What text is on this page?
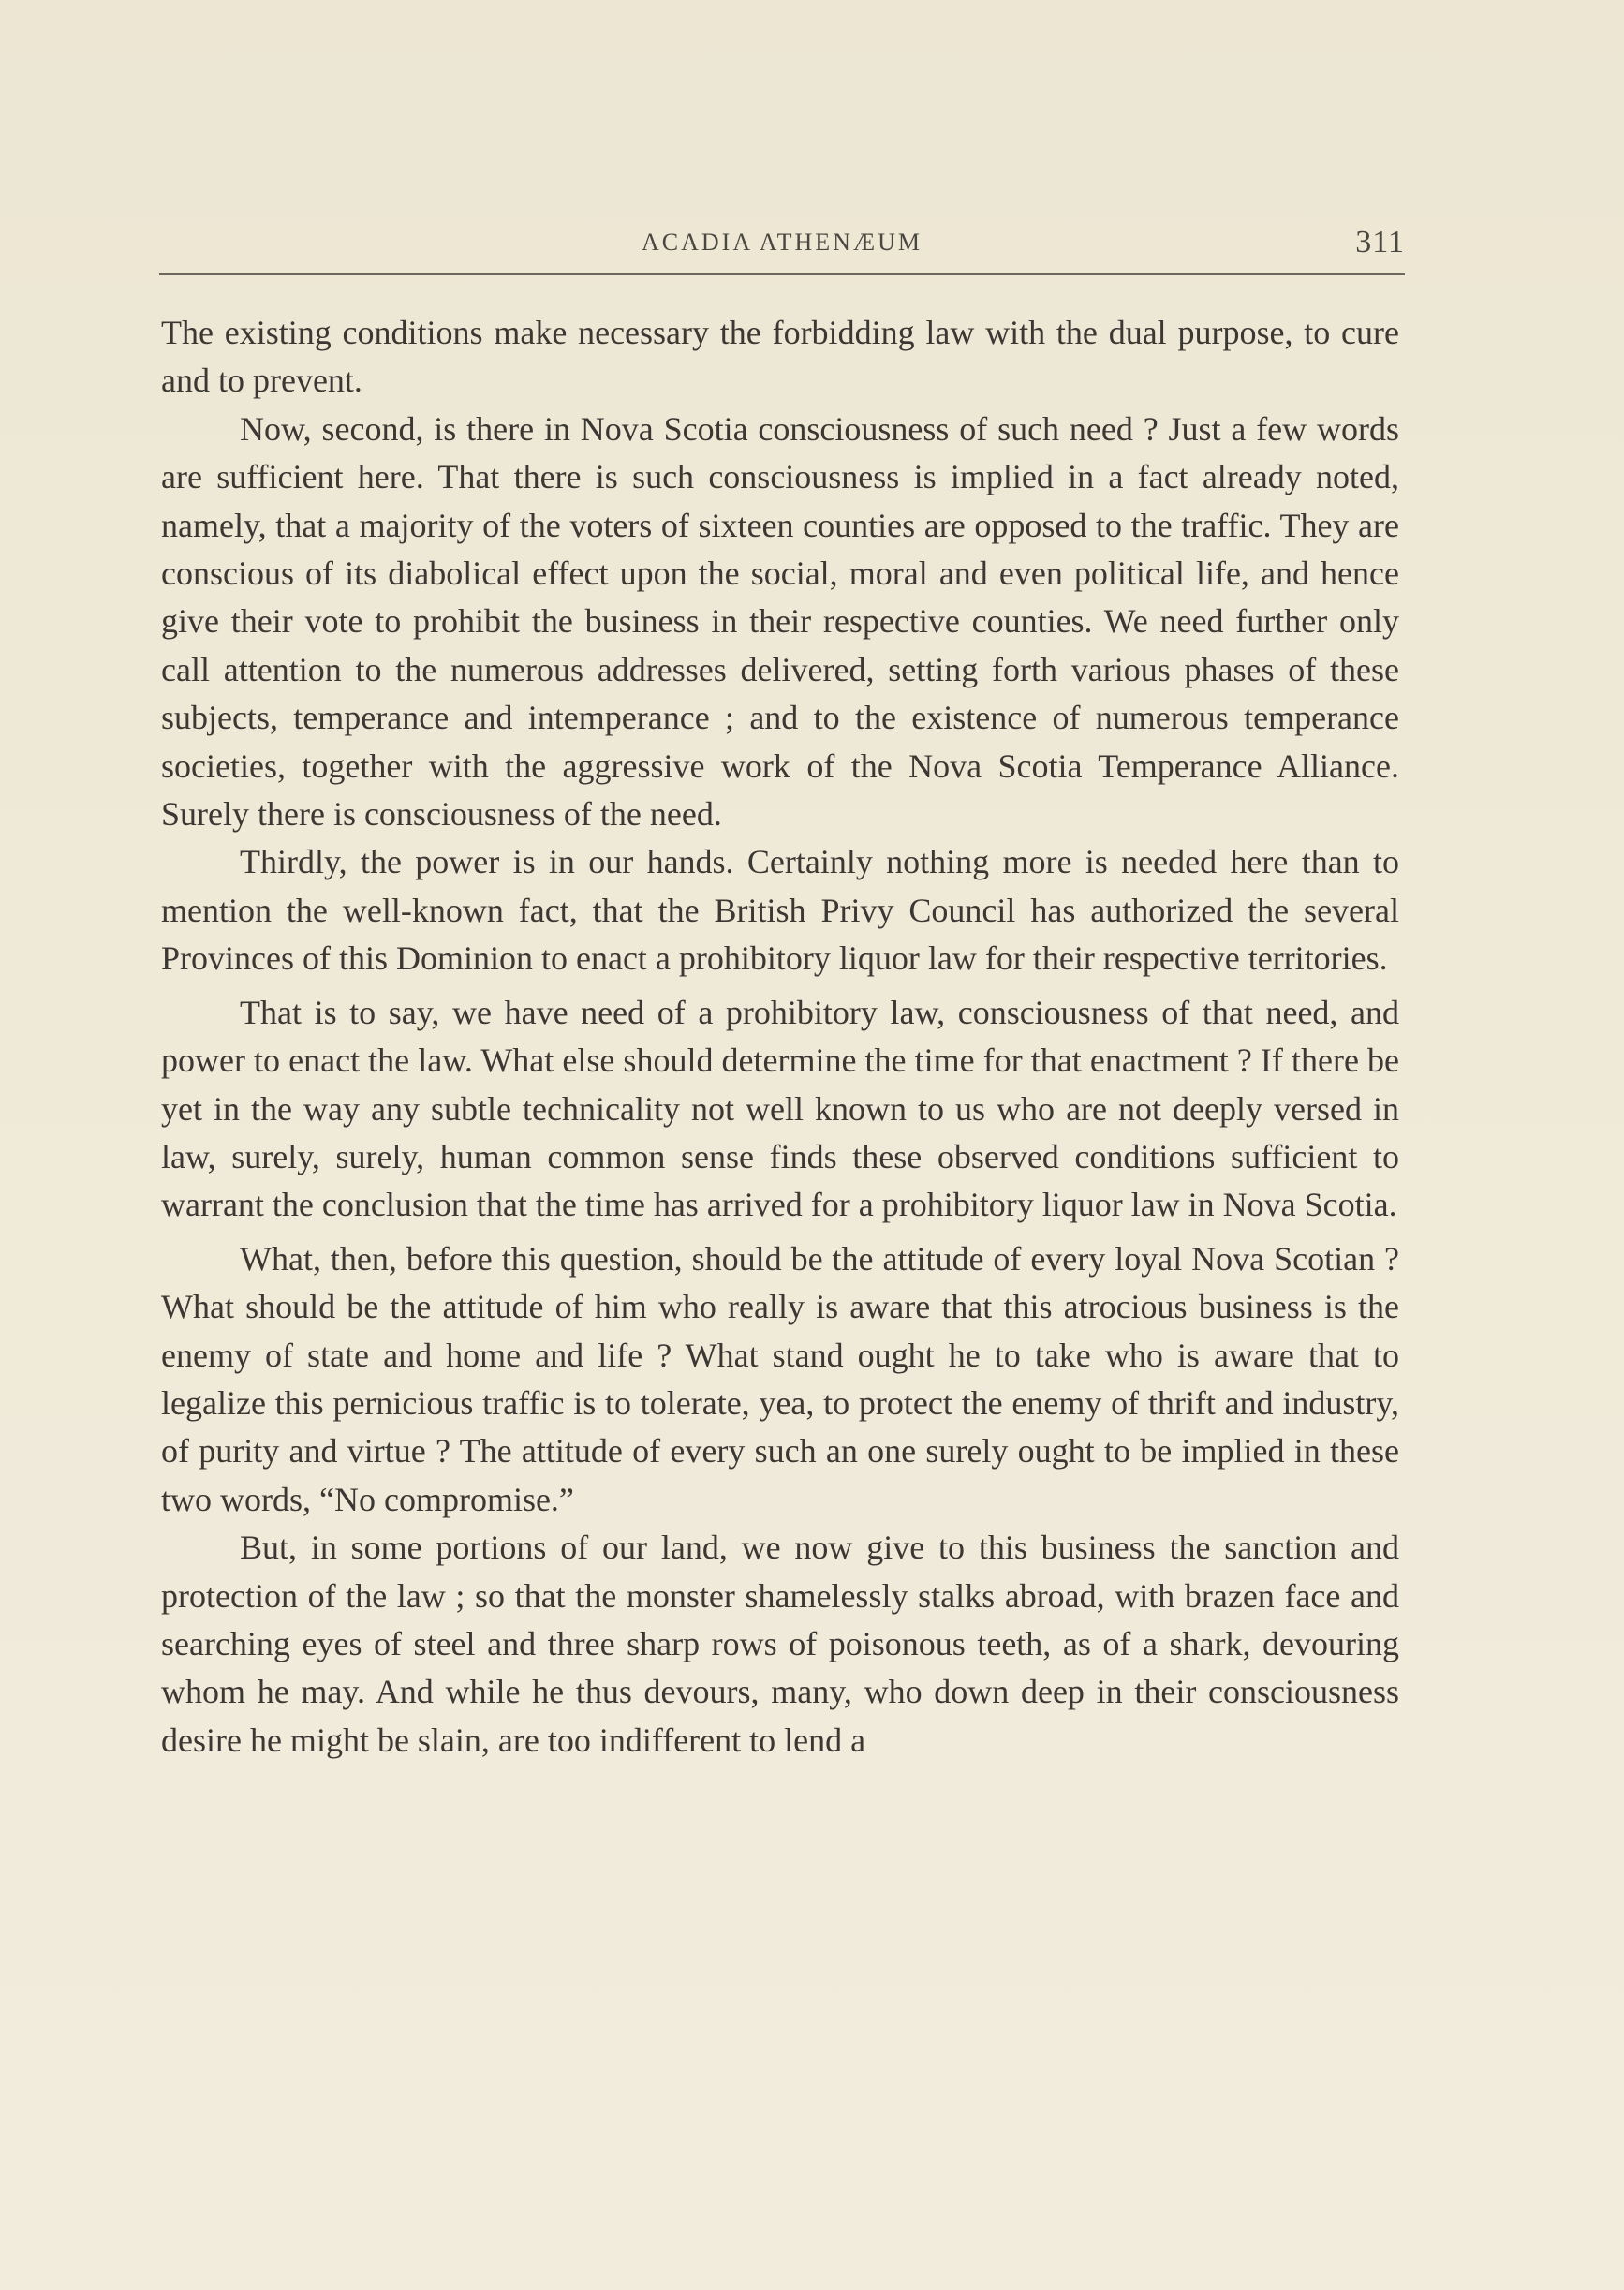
ACADIA ATHENÆUM	311

The existing conditions make necessary the forbidding law with the dual purpose, to cure and to prevent.

Now, second, is there in Nova Scotia consciousness of such need ? Just a few words are sufficient here. That there is such consciousness is implied in a fact already noted, namely, that a majority of the voters of sixteen counties are opposed to the traffic. They are conscious of its diabolical effect upon the social, moral and even political life, and hence give their vote to prohibit the business in their respective counties. We need further only call attention to the numerous addresses delivered, setting forth various phases of these subjects, temperance and intemperance ; and to the existence of numerous temperance societies, together with the aggressive work of the Nova Scotia Temperance Alliance. Surely there is consciousness of the need.

Thirdly, the power is in our hands. Certainly nothing more is needed here than to mention the well-known fact, that the British Privy Council has authorized the several Provinces of this Dominion to enact a prohibitory liquor law for their respective territories.

That is to say, we have need of a prohibitory law, consciousness of that need, and power to enact the law. What else should determine the time for that enactment ? If there be yet in the way any subtle technicality not well known to us who are not deeply versed in law, surely, surely, human common sense finds these observed conditions sufficient to warrant the conclusion that the time has arrived for a prohibitory liquor law in Nova Scotia.

What, then, before this question, should be the attitude of every loyal Nova Scotian ? What should be the attitude of him who really is aware that this atrocious business is the enemy of state and home and life ? What stand ought he to take who is aware that to legalize this pernicious traffic is to tolerate, yea, to protect the enemy of thrift and industry, of purity and virtue ? The attitude of every such an one surely ought to be implied in these two words, “No compromise.”

But, in some portions of our land, we now give to this business the sanction and protection of the law ; so that the monster shamelessly stalks abroad, with brazen face and searching eyes of steel and three sharp rows of poisonous teeth, as of a shark, devouring whom he may. And while he thus devours, many, who down deep in their consciousness desire he might be slain, are too indifferent to lend a
